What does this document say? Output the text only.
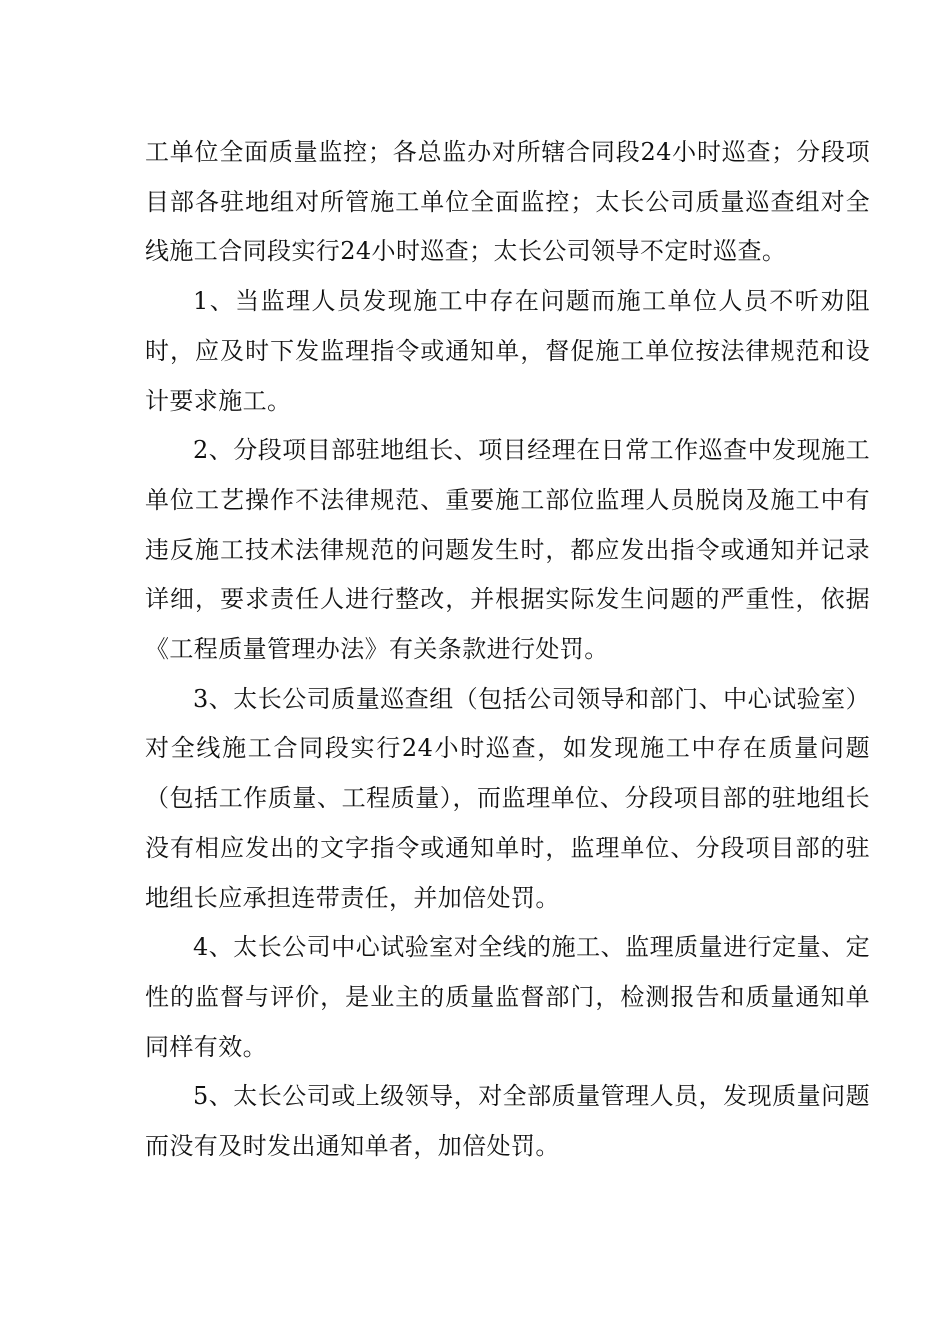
工单位全面质量监控；各总监办对所辖合同段24小时巡查；分段项目部各驻地组对所管施工单位全面监控；太长公司质量巡查组对全线施工合同段实行24小时巡查；太长公司领导不定时巡查。

1、当监理人员发现施工中存在问题而施工单位人员不听劝阻时，应及时下发监理指令或通知单，督促施工单位按法律规范和设计要求施工。

2、分段项目部驻地组长、项目经理在日常工作巡查中发现施工单位工艺操作不法律规范、重要施工部位监理人员脱岗及施工中有违反施工技术法律规范的问题发生时，都应发出指令或通知并记录详细，要求责任人进行整改，并根据实际发生问题的严重性，依据《工程质量管理办法》有关条款进行处罚。

3、太长公司质量巡查组（包括公司领导和部门、中心试验室）对全线施工合同段实行24小时巡查，如发现施工中存在质量问题（包括工作质量、工程质量），而监理单位、分段项目部的驻地组长没有相应发出的文字指令或通知单时，监理单位、分段项目部的驻地组长应承担连带责任，并加倍处罚。

4、太长公司中心试验室对全线的施工、监理质量进行定量、定性的监督与评价，是业主的质量监督部门，检测报告和质量通知单同样有效。

5、太长公司或上级领导，对全部质量管理人员，发现质量问题而没有及时发出通知单者，加倍处罚。
